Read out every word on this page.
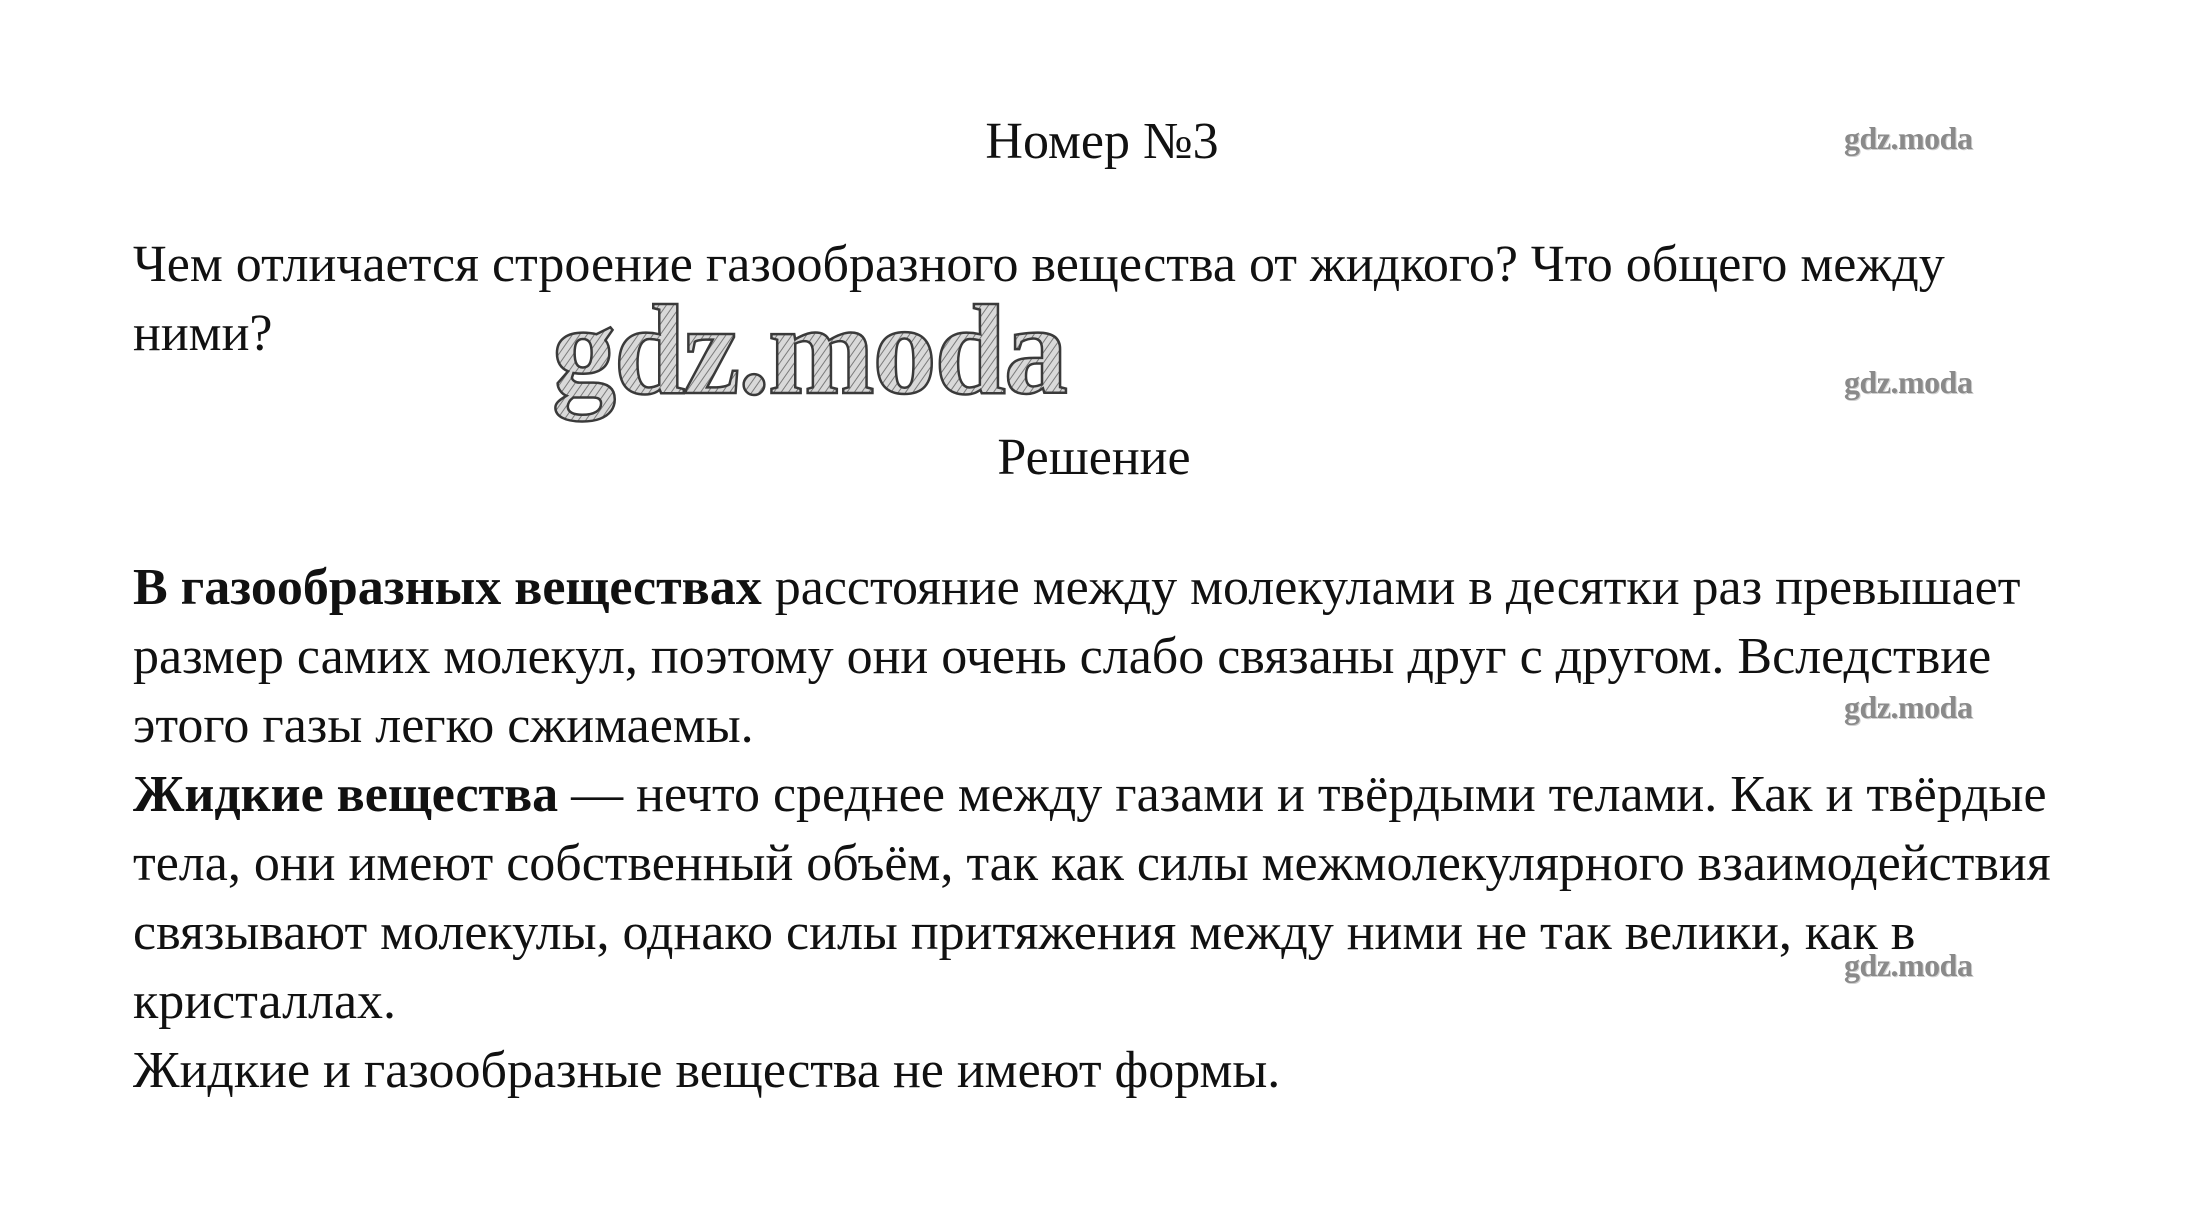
Номер №3
Чем отличается строение газообразного вещества от жидкого? Что общего между ними?
Решение

В газообразных веществах расстояние между молекулами в десятки раз превышает размер самих молекул, поэтому они очень слабо связаны друг с другом. Вследствие этого газы легко сжимаемы.

Жидкие вещества — нечто среднее между газами и твёрдыми телами. Как и твёрдые тела, они имеют собственный объём, так как силы межмолекулярного взаимодействия связывают молекулы, однако силы притяжения между ними не так велики, как в кристаллах.

Жидкие и газообразные вещества не имеют формы.

gdz.moda
gdz.moda
gdz.moda
gdz.moda
gdz.moda
